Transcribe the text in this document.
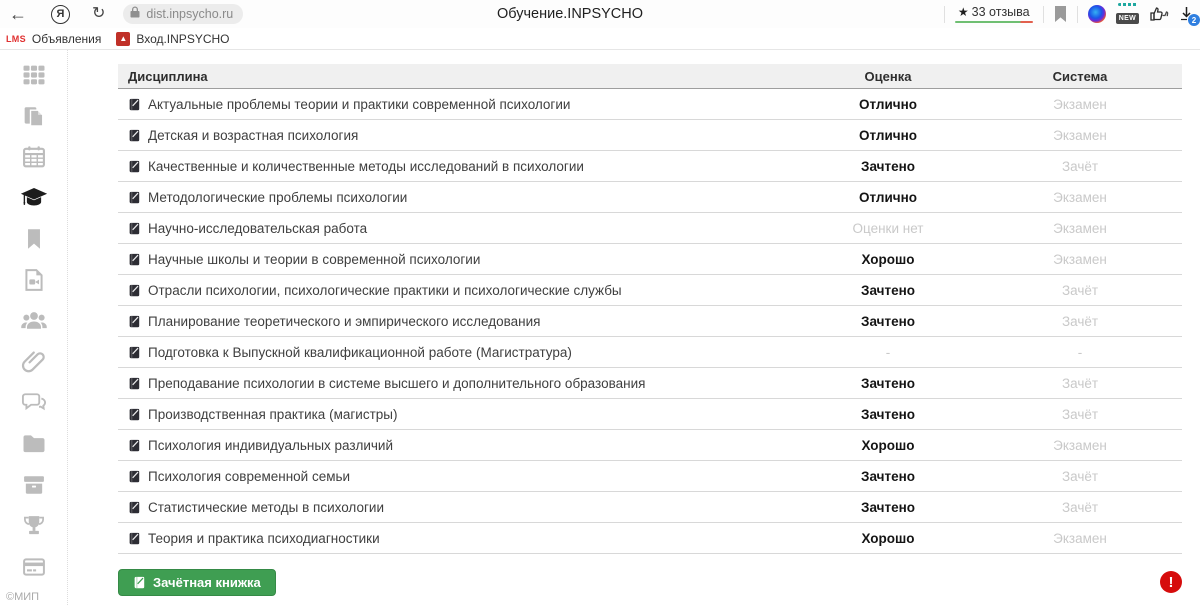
←	Я	↻	dist.inpsycho.ru	Обучение.INPSYCHO	★ 33 отзыва	NEW	2
LMS Объявления	▲ Вход.INPSYCHO
©МИП
Дисциплина	Оценка	Система
Актуальные проблемы теории и практики современной психологии	Отлично	Экзамен
Детская и возрастная психология	Отлично	Экзамен
Качественные и количественные методы исследований в психологии	Зачтено	Зачёт
Методологические проблемы психологии	Отлично	Экзамен
Научно-исследовательская работа	Оценки нет	Экзамен
Научные школы и теории в современной психологии	Хорошо	Экзамен
Отрасли психологии, психологические практики и психологические службы	Зачтено	Зачёт
Планирование теоретического и эмпирического исследования	Зачтено	Зачёт
Подготовка к Выпускной квалификационной работе (Магистратура)	-	-
Преподавание психологии в системе высшего и дополнительного образования	Зачтено	Зачёт
Производственная практика (магистры)	Зачтено	Зачёт
Психология индивидуальных различий	Хорошо	Экзамен
Психология современной семьи	Зачтено	Зачёт
Статистические методы в психологии	Зачтено	Зачёт
Теория и практика психодиагностики	Хорошо	Экзамен
Зачётная книжка	!
